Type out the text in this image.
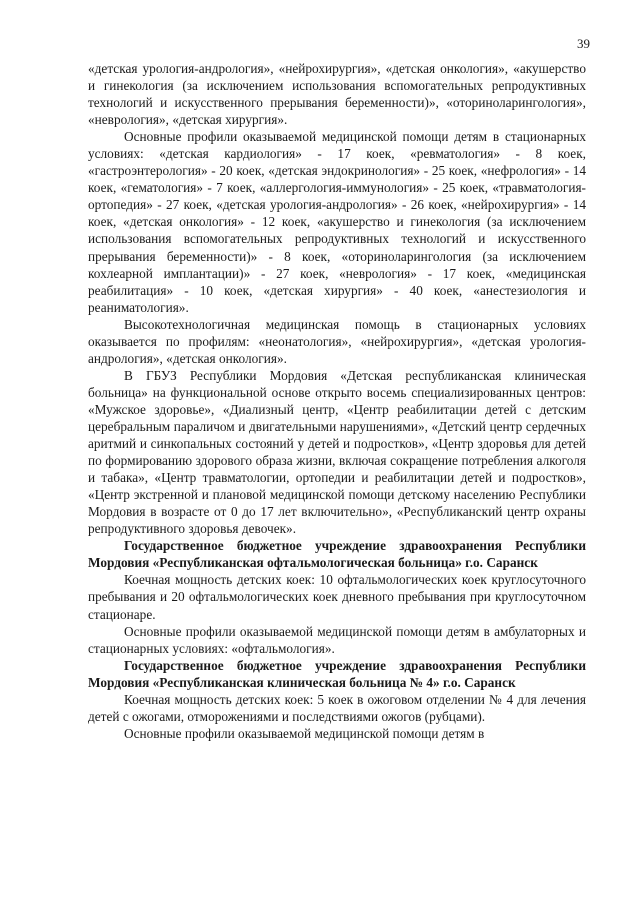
39

«детская урология-андрология», «нейрохирургия», «детская онкология», «акушерство и гинекология (за исключением использования вспомогательных репродуктивных технологий и искусственного прерывания беременности)», «оториноларингология», «неврология», «детская хирургия».

Основные профили оказываемой медицинской помощи детям в стационарных условиях: «детская кардиология» - 17 коек, «ревматология» - 8 коек, «гастроэнтерология» - 20 коек, «детская эндокринология» - 25 коек, «нефрология» - 14 коек, «гематология» - 7 коек, «аллергология-иммунология» - 25 коек, «травматология-ортопедия» - 27 коек, «детская урология-андрология» - 26 коек, «нейрохирургия» - 14 коек, «детская онкология» - 12 коек, «акушерство и гинекология (за исключением использования вспомогательных репродуктивных технологий и искусственного прерывания беременности)» - 8 коек, «оториноларингология (за исключением кохлеарной имплантации)» - 27 коек, «неврология» - 17 коек, «медицинская реабилитация» - 10 коек, «детская хирургия» - 40 коек, «анестезиология и реаниматология».

Высокотехнологичная медицинская помощь в стационарных условиях оказывается по профилям: «неонатология», «нейрохирургия», «детская урология-андрология», «детская онкология».

В ГБУЗ Республики Мордовия «Детская республиканская клиническая больница» на функциональной основе открыто восемь специализированных центров: «Мужское здоровье», «Диализный центр, «Центр реабилитации детей с детским церебральным параличом и двигательными нарушениями», «Детский центр сердечных аритмий и синкопальных состояний у детей и подростков», «Центр здоровья для детей по формированию здорового образа жизни, включая сокращение потребления алкоголя и табака», «Центр травматологии, ортопедии и реабилитации детей и подростков», «Центр экстренной и плановой медицинской помощи детскому населению Республики Мордовия в возрасте от 0 до 17 лет включительно», «Республиканский центр охраны репродуктивного здоровья девочек».

Государственное бюджетное учреждение здравоохранения Республики Мордовия «Республиканская офтальмологическая больница» г.о. Саранск

Коечная мощность детских коек: 10 офтальмологических коек круглосуточного пребывания и 20 офтальмологических коек дневного пребывания при круглосуточном стационаре.

Основные профили оказываемой медицинской помощи детям в амбулаторных и стационарных условиях: «офтальмология».

Государственное бюджетное учреждение здравоохранения Республики Мордовия «Республиканская клиническая больница № 4» г.о. Саранск

Коечная мощность детских коек: 5 коек в ожоговом отделении № 4 для лечения детей с ожогами, отморожениями и последствиями ожогов (рубцами).

Основные профили оказываемой медицинской помощи детям в
